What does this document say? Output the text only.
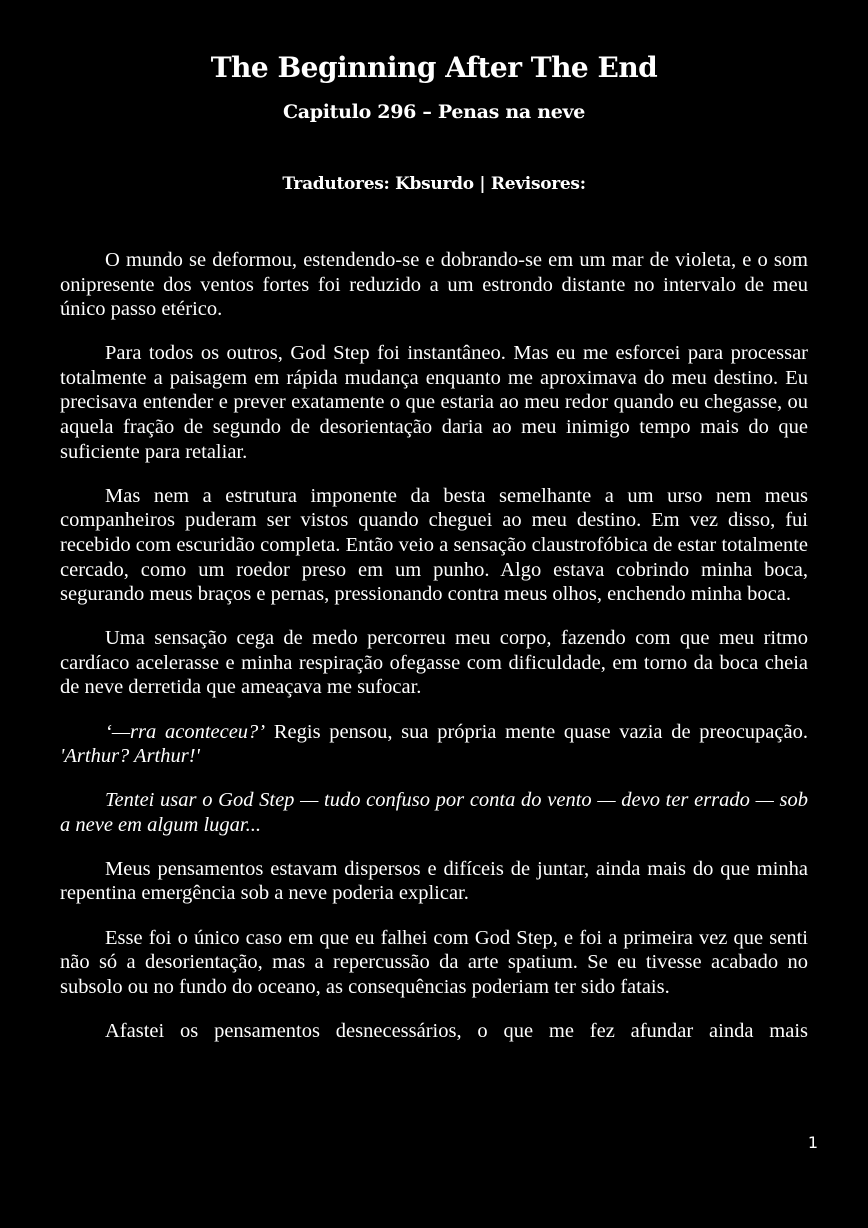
The Beginning After The End
Capitulo 296 – Penas na neve
Tradutores: Kbsurdo | Revisores:

O mundo se deformou, estendendo-se e dobrando-se em um mar de violeta, e o som onipresente dos ventos fortes foi reduzido a um estrondo distante no intervalo de meu único passo etérico.

Para todos os outros, God Step foi instantâneo. Mas eu me esforcei para processar totalmente a paisagem em rápida mudança enquanto me aproximava do meu destino. Eu precisava entender e prever exatamente o que estaria ao meu redor quando eu chegasse, ou aquela fração de segundo de desorientação daria ao meu inimigo tempo mais do que suficiente para retaliar.

Mas nem a estrutura imponente da besta semelhante a um urso nem meus companheiros puderam ser vistos quando cheguei ao meu destino. Em vez disso, fui recebido com escuridão completa. Então veio a sensação claustrofóbica de estar totalmente cercado, como um roedor preso em um punho. Algo estava cobrindo minha boca, segurando meus braços e pernas, pressionando contra meus olhos, enchendo minha boca.

Uma sensação cega de medo percorreu meu corpo, fazendo com que meu ritmo cardíaco acelerasse e minha respiração ofegasse com dificuldade, em torno da boca cheia de neve derretida que ameaçava me sufocar.

‘—rra aconteceu?’ Regis pensou, sua própria mente quase vazia de preocupação. 'Arthur? Arthur!'

Tentei usar o God Step — tudo confuso por conta do vento — devo ter errado — sob a neve em algum lugar...

Meus pensamentos estavam dispersos e difíceis de juntar, ainda mais do que minha repentina emergência sob a neve poderia explicar.

Esse foi o único caso em que eu falhei com God Step, e foi a primeira vez que senti não só a desorientação, mas a repercussão da arte spatium. Se eu tivesse acabado no subsolo ou no fundo do oceano, as consequências poderiam ter sido fatais.

Afastei os pensamentos desnecessários, o que me fez afundar ainda mais

1
